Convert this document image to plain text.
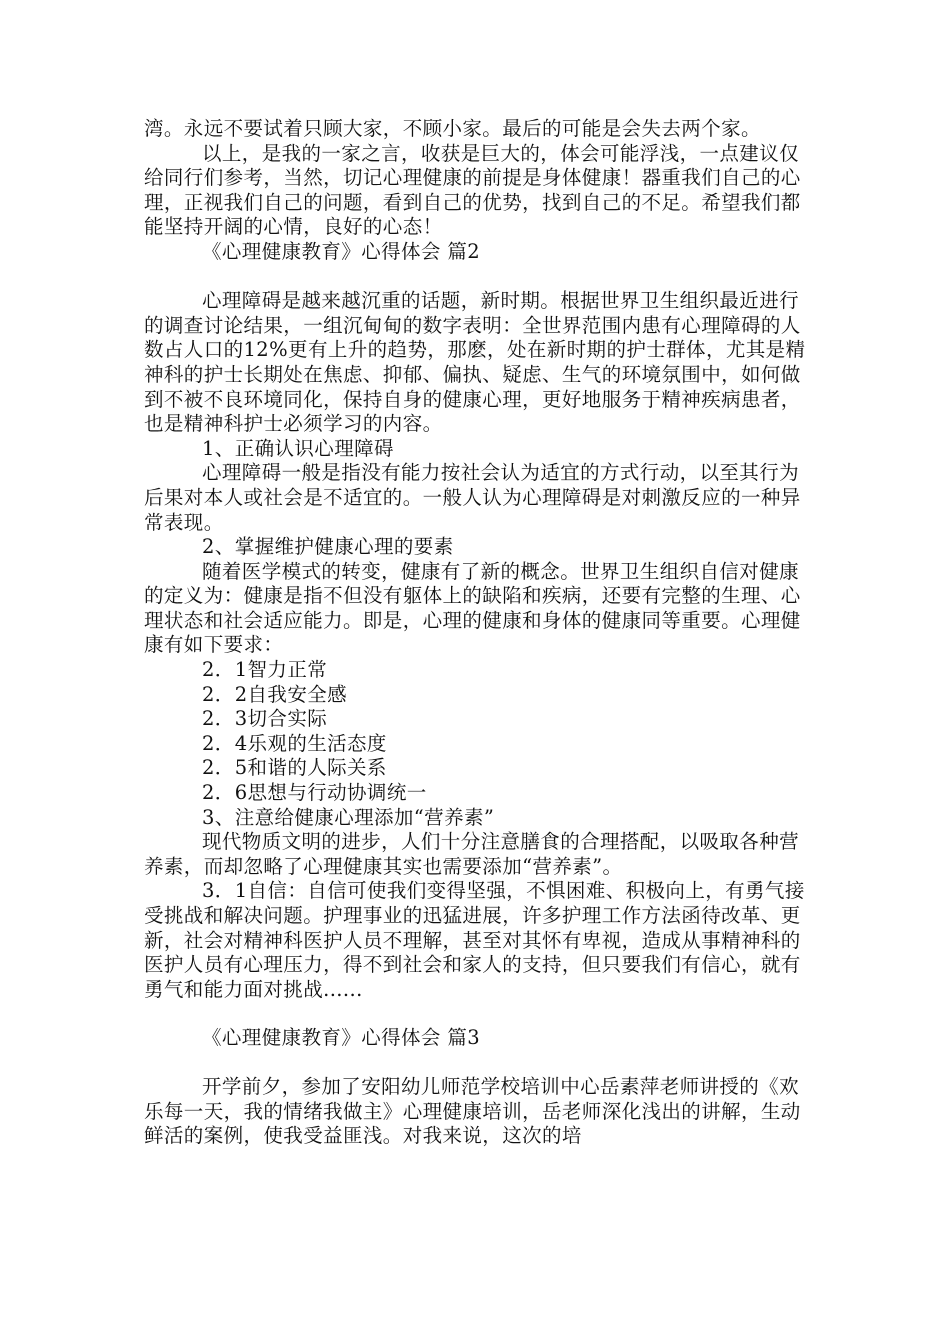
湾。永远不要试着只顾大家，不顾小家。最后的可能是会失去两个家。

以上，是我的一家之言，收获是巨大的，体会可能浮浅，一点建议仅给同行们参考，当然，切记心理健康的前提是身体健康！器重我们自己的心理，正视我们自己的问题，看到自己的优势，找到自己的不足。希望我们都能坚持开阔的心情，良好的心态！

《心理健康教育》心得体会 篇2

心理障碍是越来越沉重的话题，新时期。根据世界卫生组织最近进行的调查讨论结果，一组沉甸甸的数字表明：全世界范围内患有心理障碍的人数占人口的12%更有上升的趋势，那麽，处在新时期的护士群体，尤其是精神科的护士长期处在焦虑、抑郁、偏执、疑虑、生气的环境氛围中，如何做到不被不良环境同化，保持自身的健康心理，更好地服务于精神疾病患者，也是精神科护士必须学习的内容。

1、正确认识心理障碍

心理障碍一般是指没有能力按社会认为适宜的方式行动，以至其行为后果对本人或社会是不适宜的。一般人认为心理障碍是对刺激反应的一种异常表现。

2、掌握维护健康心理的要素

随着医学模式的转变，健康有了新的概念。世界卫生组织自信对健康的定义为：健康是指不但没有躯体上的缺陷和疾病，还要有完整的生理、心理状态和社会适应能力。即是，心理的健康和身体的健康同等重要。心理健康有如下要求：

2．1智力正常

2．2自我安全感

2．3切合实际

2．4乐观的生活态度

2．5和谐的人际关系

2．6思想与行动协调统一

3、注意给健康心理添加“营养素”

现代物质文明的进步，人们十分注意膳食的合理搭配，以吸取各种营养素，而却忽略了心理健康其实也需要添加“营养素”。

3．1自信：自信可使我们变得坚强，不惧困难、积极向上，有勇气接受挑战和解决问题。护理事业的迅猛进展，许多护理工作方法函待改革、更新，社会对精神科医护人员不理解，甚至对其怀有卑视，造成从事精神科的医护人员有心理压力，得不到社会和家人的支持，但只要我们有信心，就有勇气和能力面对挑战......

《心理健康教育》心得体会 篇3

开学前夕，参加了安阳幼儿师范学校培训中心岳素萍老师讲授的《欢乐每一天，我的情绪我做主》心理健康培训，岳老师深化浅出的讲解，生动鲜活的案例，使我受益匪浅。对我来说，这次的培
